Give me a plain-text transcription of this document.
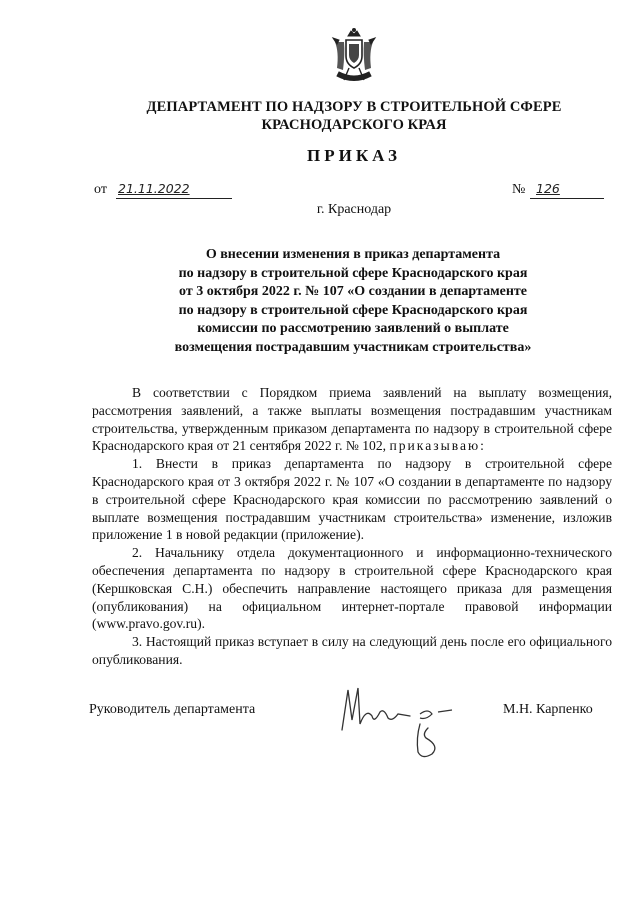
ДЕПАРТАМЕНТ ПО НАДЗОРУ В СТРОИТЕЛЬНОЙ СФЕРЕ
КРАСНОДАРСКОГО КРАЯ
ПРИКАЗ
от 21.11.2022	№ 126
г. Краснодар
О внесении изменения в приказ департамента
по надзору в строительной сфере Краснодарского края
от 3 октября 2022 г. № 107 «О создании в департаменте
по надзору в строительной сфере Краснодарского края
комиссии по рассмотрению заявлений о выплате
возмещения пострадавшим участникам строительства»

В соответствии с Порядком приема заявлений на выплату возмещения, рассмотрения заявлений, а также выплаты возмещения пострадавшим участникам строительства, утвержденным приказом департамента по надзору в строительной сфере Краснодарского края от 21 сентября 2022 г. № 102, приказываю:

1. Внести в приказ департамента по надзору в строительной сфере Краснодарского края от 3 октября 2022 г. № 107 «О создании в департаменте по надзору в строительной сфере Краснодарского края комиссии по рассмотрению заявлений о выплате возмещения пострадавшим участникам строительства» изменение, изложив приложение 1 в новой редакции (приложение).

2. Начальнику отдела документационного и информационно-технического обеспечения департамента по надзору в строительной сфере Краснодарского края (Кершковская С.Н.) обеспечить направление настоящего приказа для размещения (опубликования) на официальном интернет-портале правовой информации (www.pravo.gov.ru).

3. Настоящий приказ вступает в силу на следующий день после его официального опубликования.

Руководитель департамента	М.Н. Карпенко
